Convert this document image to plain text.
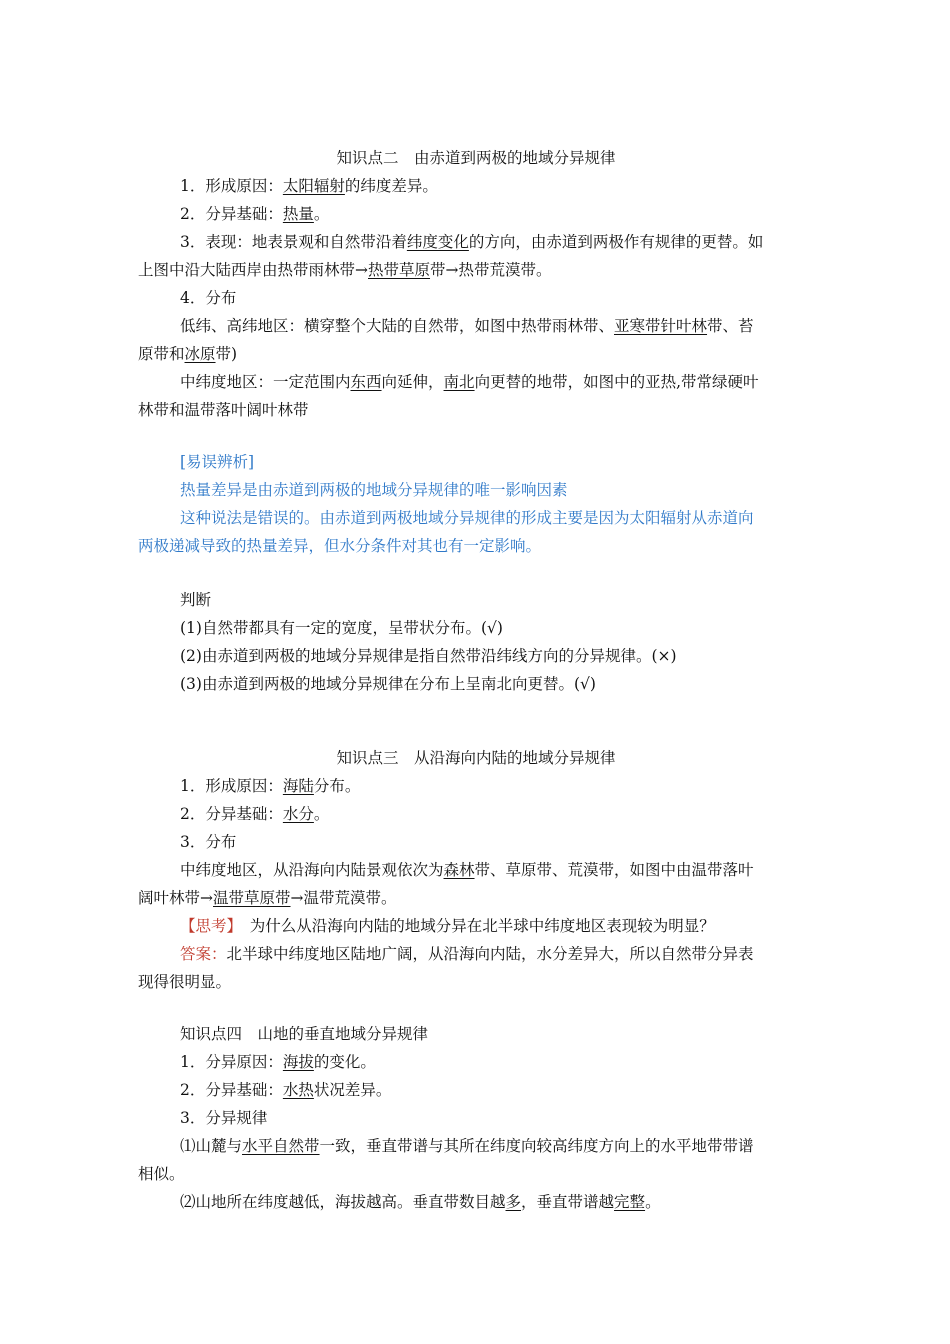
知识点二　由赤道到两极的地域分异规律
1．形成原因：太阳辐射的纬度差异。
2．分异基础：热量。
3．表现：地表景观和自然带沿着纬度变化的方向，由赤道到两极作有规律的更替。如
上图中沿大陆西岸由热带雨林带→热带草原带→热带荒漠带。
4．分布
低纬、高纬地区：横穿整个大陆的自然带，如图中热带雨林带、亚寒带针叶林带、苔
原带和冰原带)
中纬度地区：一定范围内东西向延伸，南北向更替的地带，如图中的亚热,带常绿硬叶
林带和温带落叶阔叶林带
[易误辨析]
热量差异是由赤道到两极的地域分异规律的唯一影响因素
这种说法是错误的。由赤道到两极地域分异规律的形成主要是因为太阳辐射从赤道向
两极递减导致的热量差异，但水分条件对其也有一定影响。
判断
(1)自然带都具有一定的宽度，呈带状分布。(√)
(2)由赤道到两极的地域分异规律是指自然带沿纬线方向的分异规律。(×)
(3)由赤道到两极的地域分异规律在分布上呈南北向更替。(√)
知识点三　从沿海向内陆的地域分异规律
1．形成原因：海陆分布。
2．分异基础：水分。
3．分布
中纬度地区，从沿海向内陆景观依次为森林带、草原带、荒漠带，如图中由温带落叶
阔叶林带→温带草原带→温带荒漠带。
【思考】　为什么从沿海向内陆的地域分异在北半球中纬度地区表现较为明显？
答案：北半球中纬度地区陆地广阔，从沿海向内陆，水分差异大，所以自然带分异表
现得很明显。
知识点四　山地的垂直地域分异规律
1．分异原因：海拔的变化。
2．分异基础：水热状况差异。
3．分异规律
⑴山麓与水平自然带一致，垂直带谱与其所在纬度向较高纬度方向上的水平地带带谱
相似。
⑵山地所在纬度越低，海拔越高。垂直带数目越多，垂直带谱越完整。
